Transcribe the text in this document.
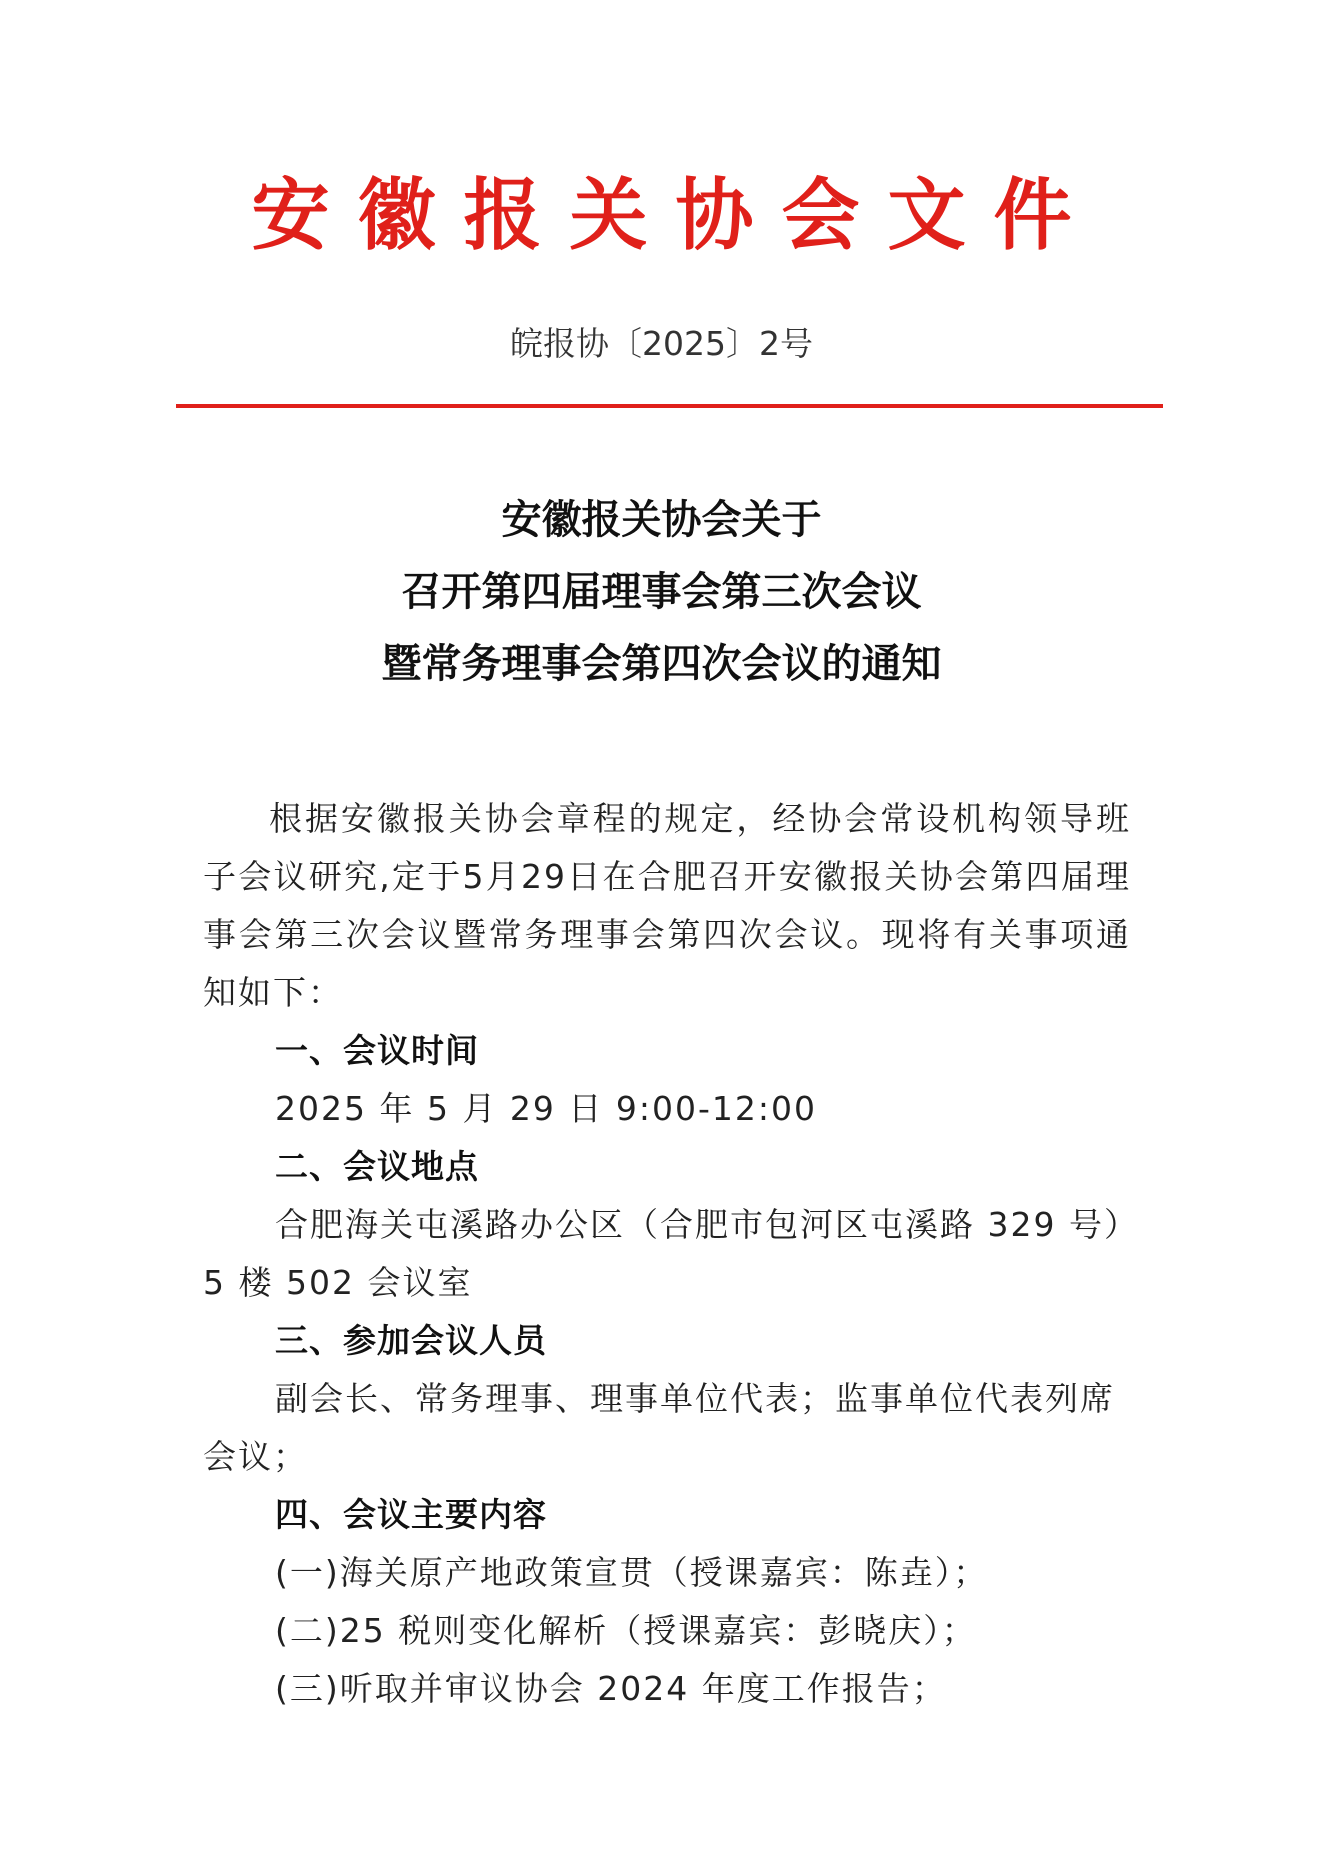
安徽报关协会文件
皖报协〔2025〕2号
安徽报关协会关于
召开第四届理事会第三次会议
暨常务理事会第四次会议的通知

根据安徽报关协会章程的规定，经协会常设机构领导班子会议研究,定于5月29日在合肥召开安徽报关协会第四届理事会第三次会议暨常务理事会第四次会议。现将有关事项通知如下：

一、会议时间

2025 年 5 月 29 日 9:00-12:00

二、会议地点

合肥海关屯溪路办公区（合肥市包河区屯溪路 329 号）5 楼 502 会议室

三、参加会议人员

副会长、常务理事、理事单位代表；监事单位代表列席会议；

四、会议主要内容

(一)海关原产地政策宣贯（授课嘉宾：陈垚）；

(二)25 税则变化解析（授课嘉宾：彭晓庆）；

(三)听取并审议协会 2024 年度工作报告；
